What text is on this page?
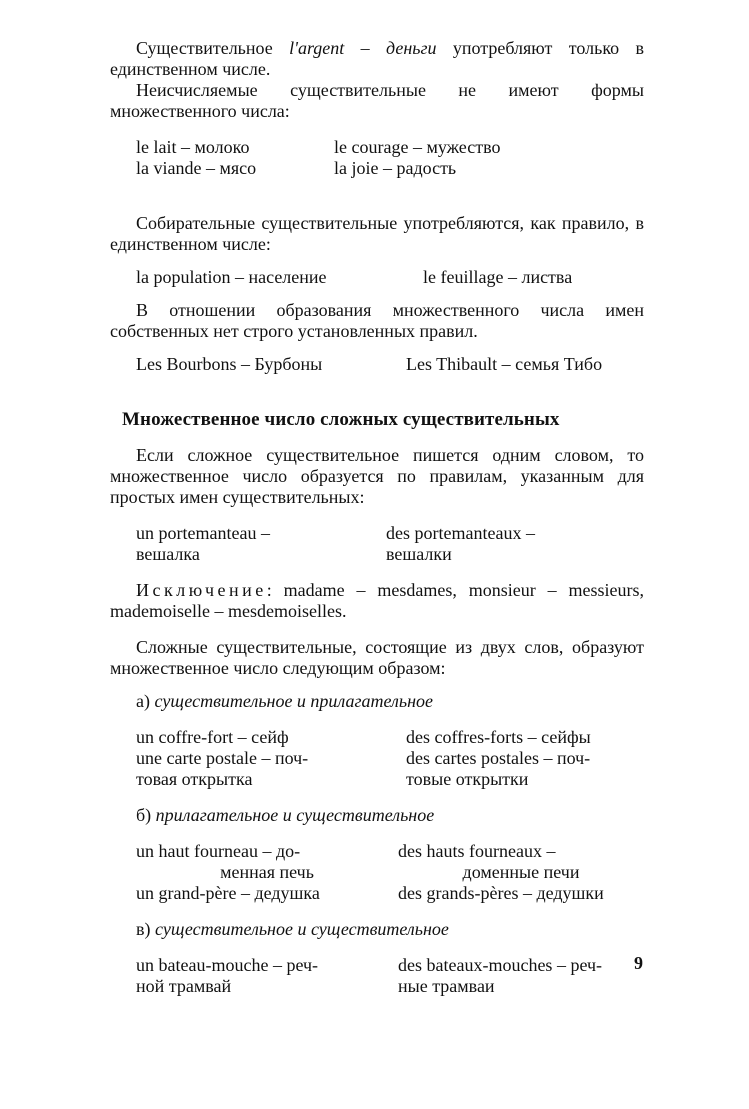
Существительное l'argent – деньги употребляют только в единственном числе.

Неисчисляемые существительные не имеют формы множественного числа:

le lait – молоко	le courage – мужество
la viande – мясо	la joie – радость

Собирательные существительные употребляются, как правило, в единственном числе:

la population – население	le feuillage – листва

В отношении образования множественного числа имен собственных нет строго установленных правил.

Les Bourbons – Бурбоны	Les Thibault – семья Тибо
Множественное число сложных существительных

Если сложное существительное пишется одним словом, то множественное число образуется по правилам, указанным для простых имен существительных:

un portemanteau –	des portemanteaux –
вешалка	вешалки

Исключение: madame – mesdames, monsieur – messieurs, mademoiselle – mesdemoiselles.

Сложные существительные, состоящие из двух слов, образуют множественное число следующим образом:

а) существительное и прилагательное
un coffre-fort – сейф	des coffres-forts – сейфы
une carte postale – поч-	des cartes postales – поч-
товая открытка	товые открытки
б) прилагательное и существительное
un haut fourneau – до-	des hauts fourneaux –
менная печь	доменные печи
un grand-père – дедушка	des grands-pères – дедушки
в) существительное и существительное
un bateau-mouche – реч-	des bateaux-mouches – реч-
ной трамвай	ные трамваи
9
